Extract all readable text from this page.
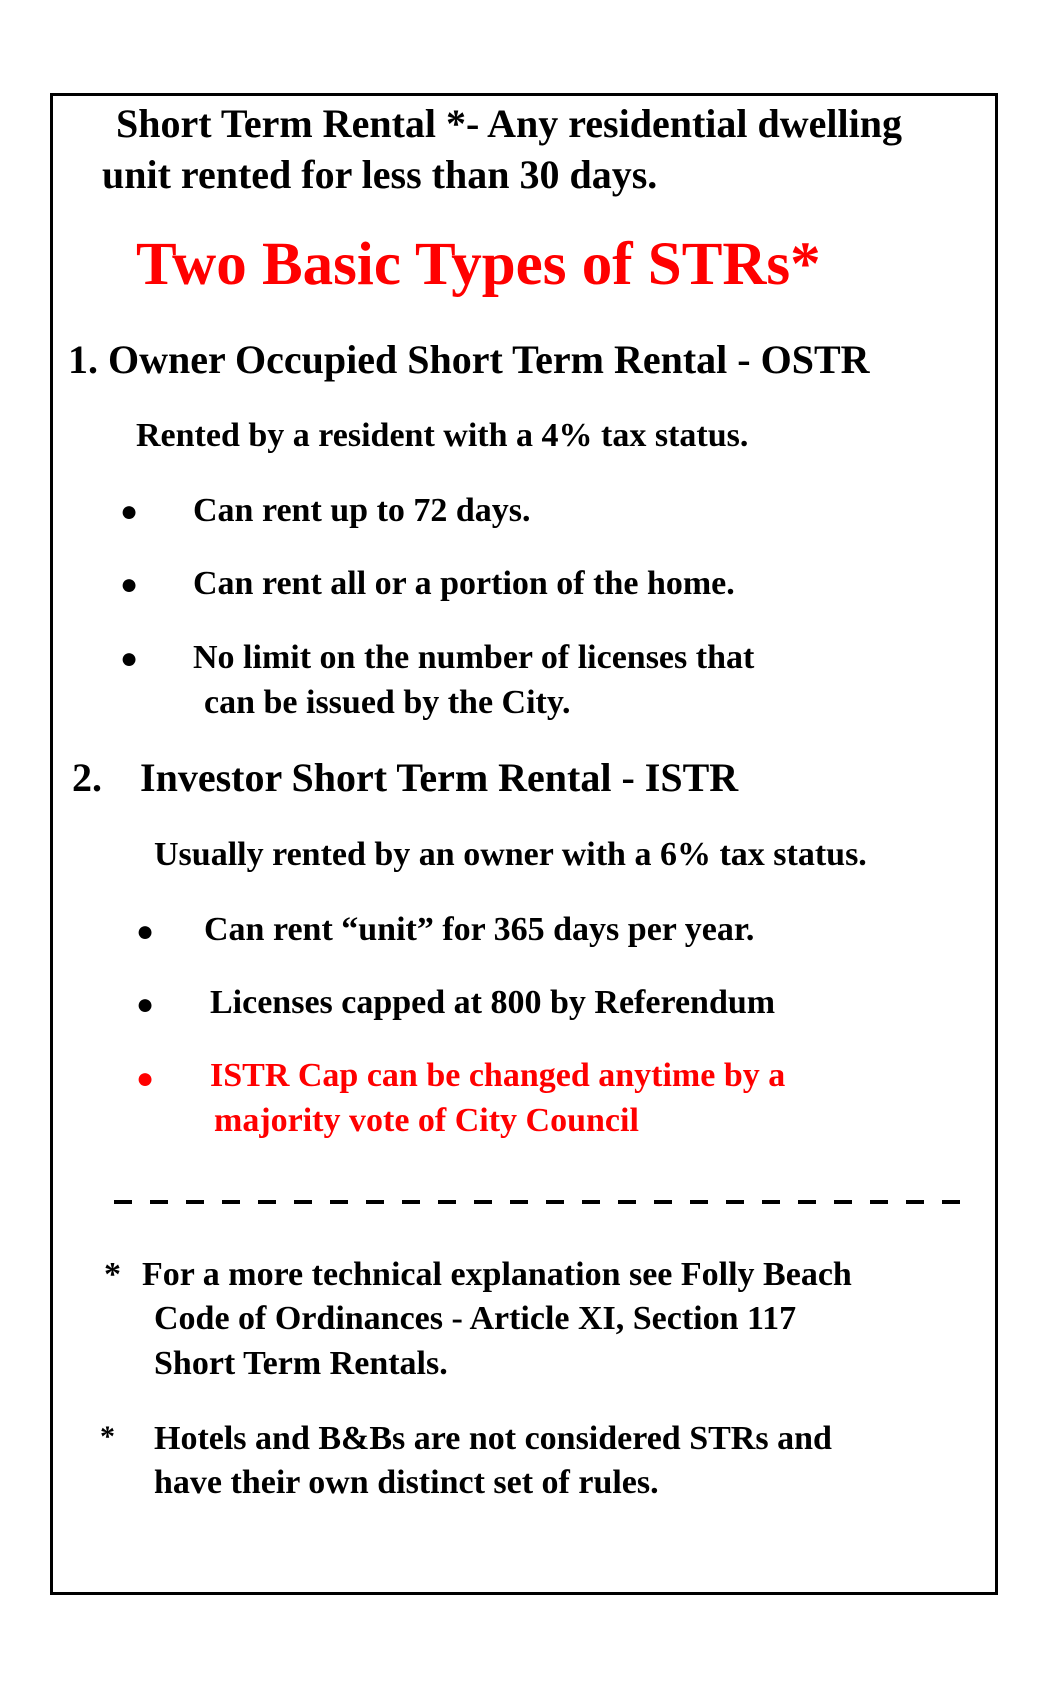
Short Term Rental *- Any residential dwelling
unit rented for less than 30 days.
Two Basic Types of STRs*
1. Owner Occupied Short Term Rental - OSTR
Rented by a resident with a 4% tax status.
● Can rent up to 72 days.
● Can rent all or a portion of the home.
● No limit on the number of licenses that
can be issued by the City.
2. Investor Short Term Rental - ISTR
Usually rented by an owner with a 6% tax status.
● Can rent “unit” for 365 days per year.
● Licenses capped at 800 by Referendum
● ISTR Cap can be changed anytime by a
majority vote of City Council
* For a more technical explanation see Folly Beach
Code of Ordinances - Article XI, Section 117
Short Term Rentals.
* Hotels and B&Bs are not considered STRs and
have their own distinct set of rules.
